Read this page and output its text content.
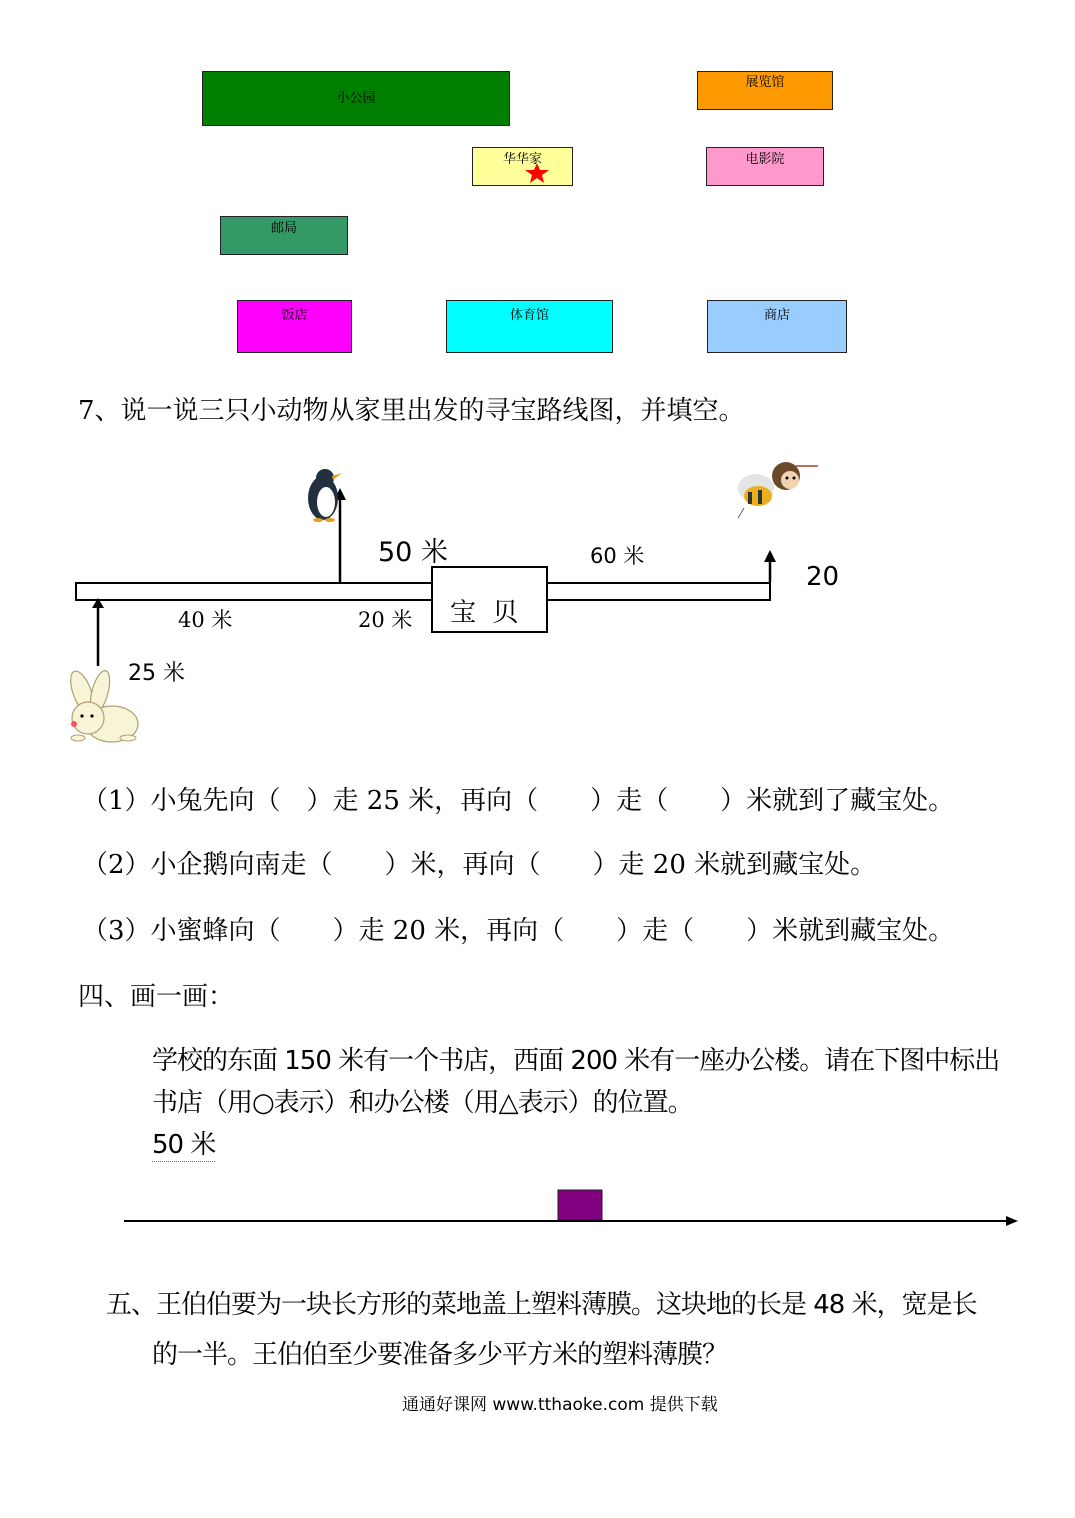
小公园
展览馆
华华家	电影院
邮局
饭店	体育馆	商店
7、说一说三只小动物从家里出发的寻宝路线图，并填空。
50 米	60 米
20
40 米	20 米 宝 贝
25 米
（1）小兔先向（　）走 25 米，再向（　　）走（　　）米就到了藏宝处。
（2）小企鹅向南走（　　）米，再向（　　）走 20 米就到藏宝处。
（3）小蜜蜂向（　　）走 20 米，再向（　　）走（　　）米就到藏宝处。
四、画一画：
学校的东面 150 米有一个书店，西面 200 米有一座办公楼。请在下图中标出
书店（用○表示）和办公楼（用△表示）的位置。
50 米
五、王伯伯要为一块长方形的菜地盖上塑料薄膜。这块地的长是 48 米，宽是长
的一半。王伯伯至少要准备多少平方米的塑料薄膜？
通通好课网 www.tthaoke.com 提供下载
